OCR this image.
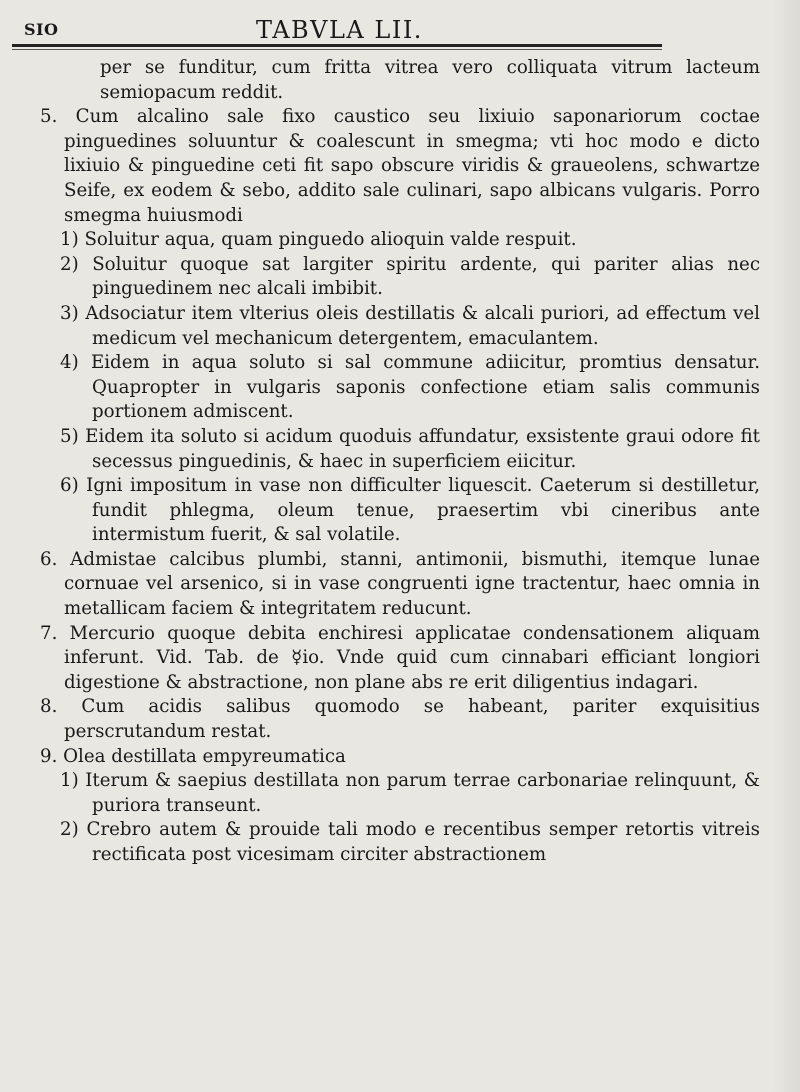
SIO	TABVLA LII.

per se funditur, cum fritta vitrea vero colliquata vitrum lacteum semiopacum reddit.

5. Cum alcalino sale fixo caustico seu lixiuio saponariorum coctae pinguedines soluuntur & coalescunt in smegma; vti hoc modo e dicto lixiuio & pinguedine ceti fit sapo obscure viridis & graueolens, schwartze Seife, ex eodem & sebo, addito sale culinari, sapo albicans vulgaris. Porro smegma huiusmodi

1) Soluitur aqua, quam pinguedo alioquin valde respuit.

2) Soluitur quoque sat largiter spiritu ardente, qui pariter alias nec pinguedinem nec alcali imbibit.

3) Adsociatur item vlterius oleis destillatis & alcali puriori, ad effectum vel medicum vel mechanicum detergentem, emaculantem.

4) Eidem in aqua soluto si sal commune adiicitur, promtius densatur. Quapropter in vulgaris saponis confectione etiam salis communis portionem admiscent.

5) Eidem ita soluto si acidum quoduis affundatur, exsistente graui odore fit secessus pinguedinis, & haec in superficiem eiicitur.

6) Igni impositum in vase non difficulter liquescit. Caeterum si destilletur, fundit phlegma, oleum tenue, praesertim vbi cineribus ante intermistum fuerit, & sal volatile.

6. Admistae calcibus plumbi, stanni, antimonii, bismuthi, itemque lunae cornuae vel arsenico, si in vase congruenti igne tractentur, haec omnia in metallicam faciem & integritatem reducunt.

7. Mercurio quoque debita enchiresi applicatae condensationem aliquam inferunt. Vid. Tab. de ☿io. Vnde quid cum cinnabari efficiant longiori digestione & abstractione, non plane abs re erit diligentius indagari.

8. Cum acidis salibus quomodo se habeant, pariter exquisitius perscrutandum restat.

9. Olea destillata empyreumatica

1) Iterum & saepius destillata non parum terrae carbonariae relinquunt, & puriora transeunt.

2) Crebro autem & prouide tali modo e recentibus semper retortis vitreis rectificata post vicesimam circiter abstractionem
